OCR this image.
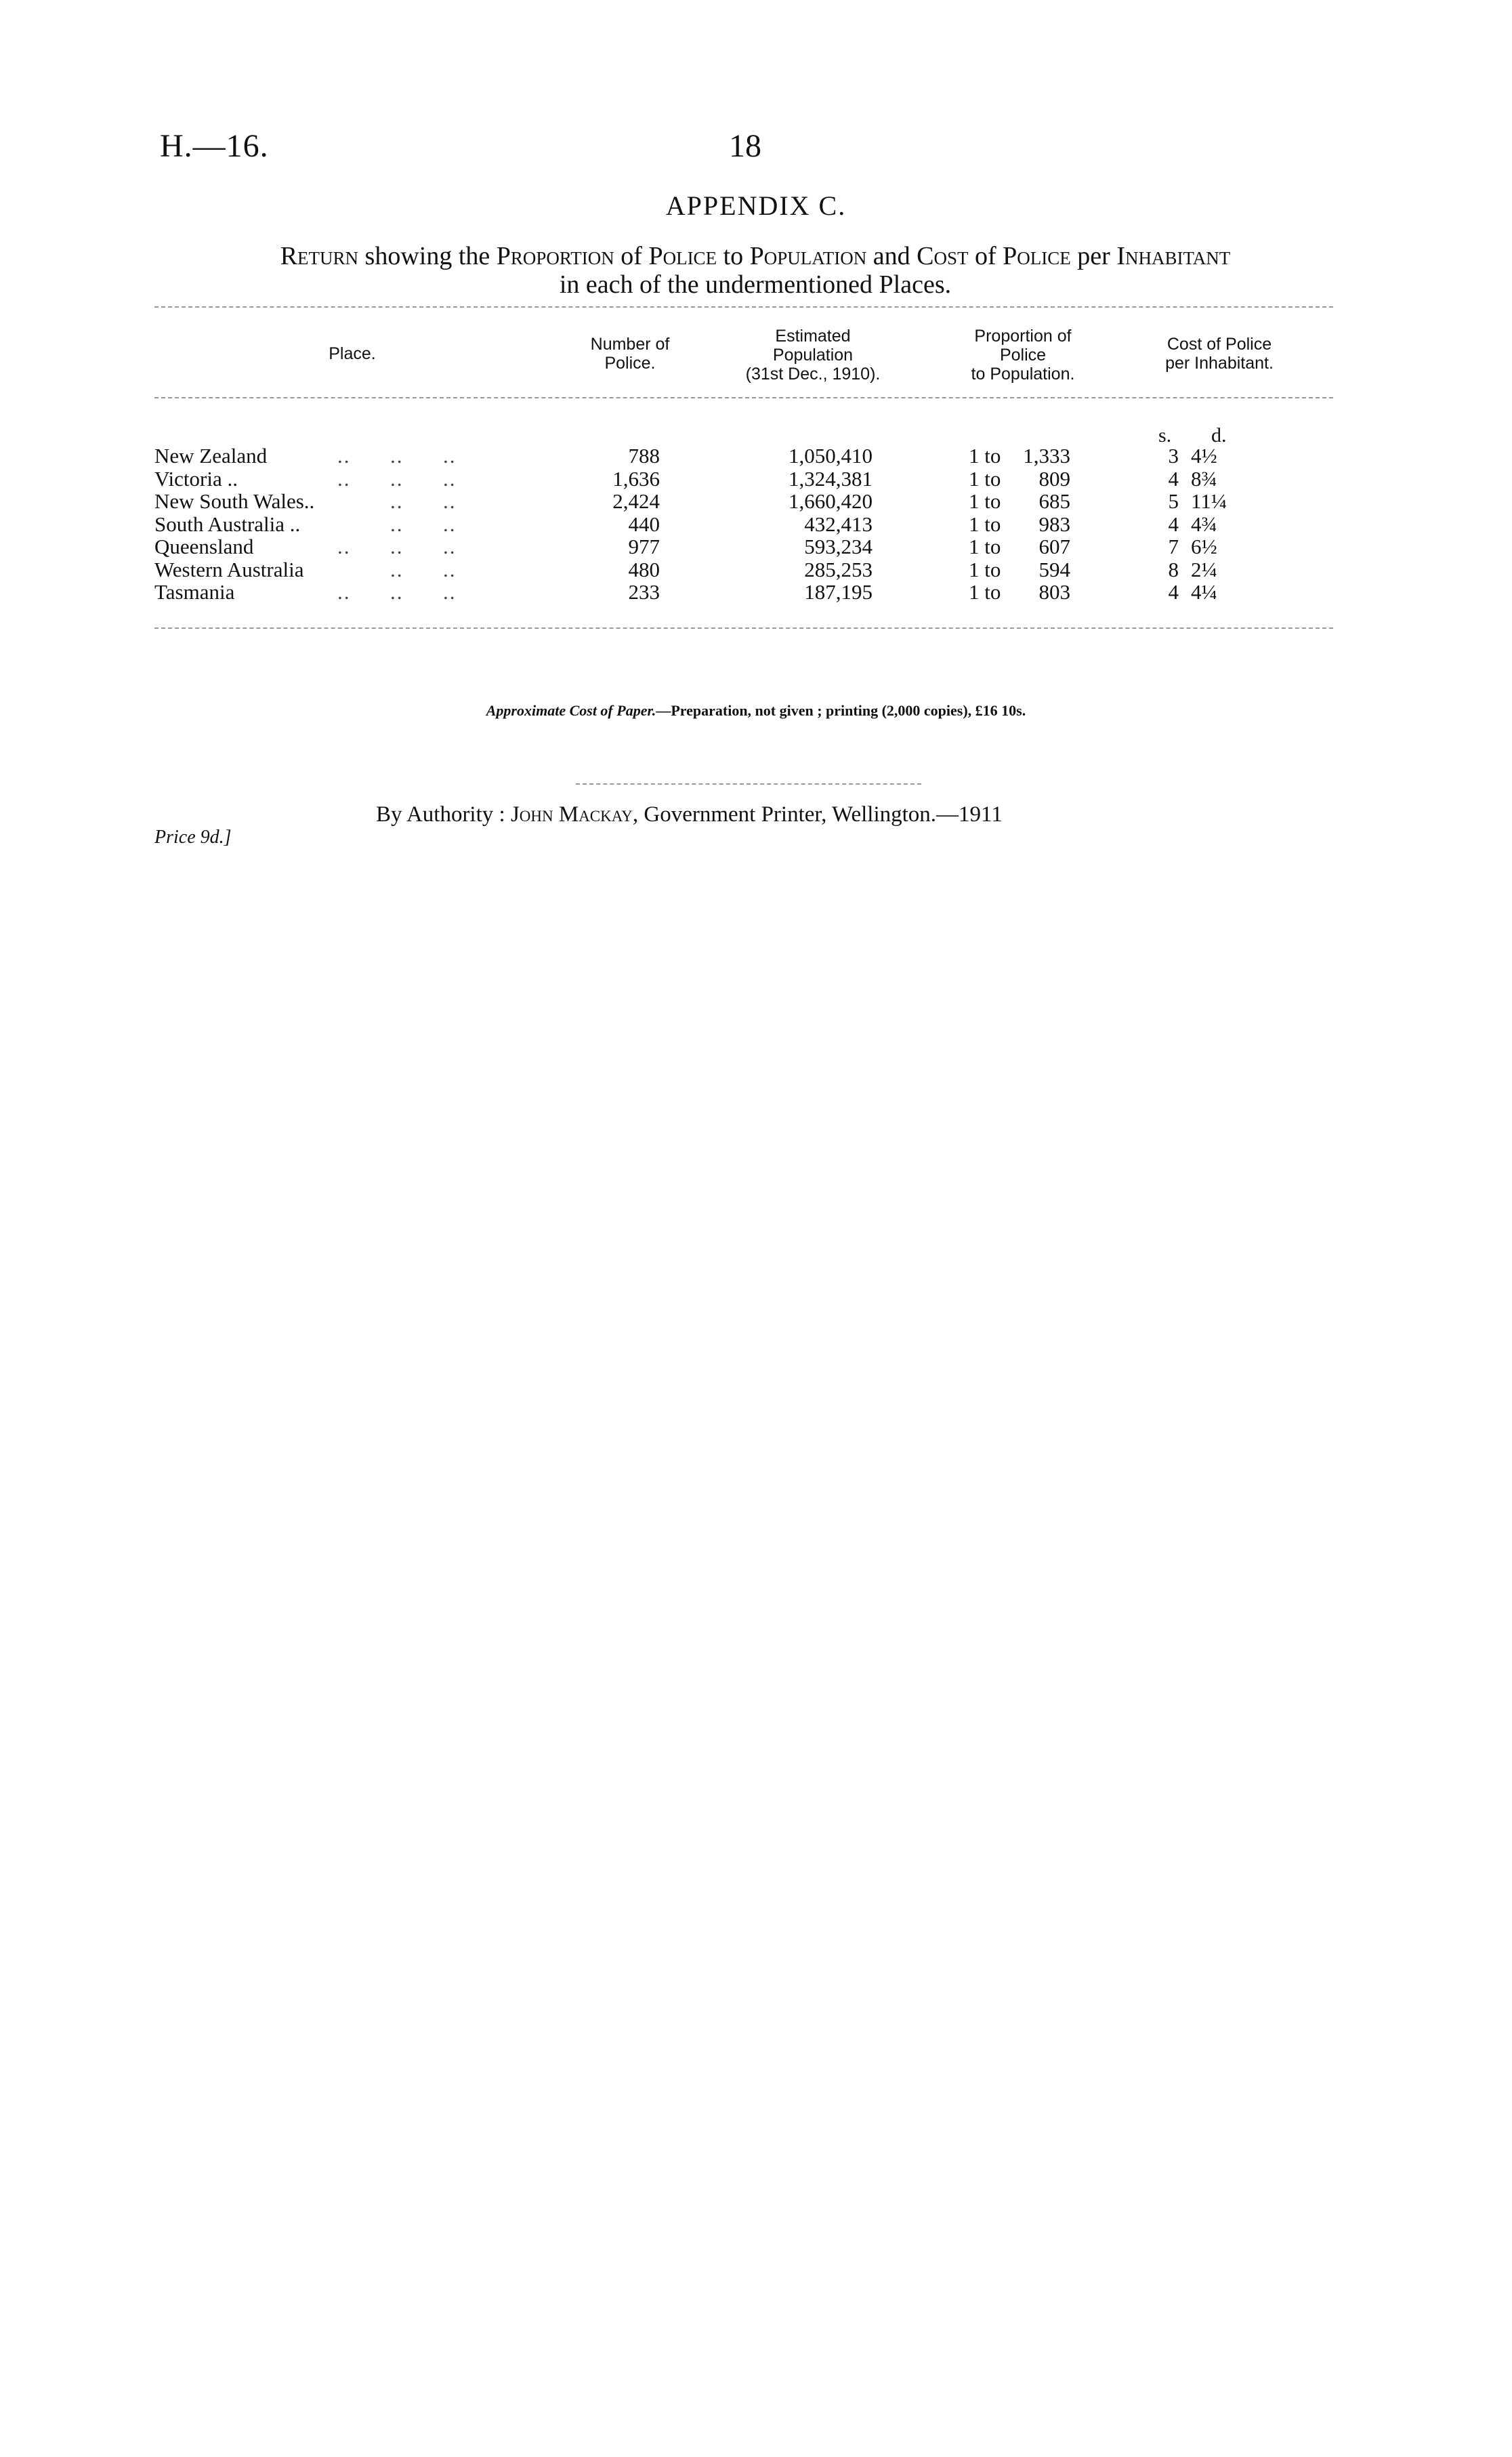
H.—16.	18
APPENDIX C.
Return showing the Proportion of Police to Population and Cost of Police per Inhabitant
in each of the undermentioned Places.
Place.	Number of
Police.
Estimated
Population
(31st Dec., 1910).
Proportion of
Police
to Population.
Cost of Police
per Inhabitant.
s. d.
New Zealand	..      ..      ..	788	1,050,410	1 to	1,333	3 4½
Victoria ..	..      ..      ..	1,636	1,324,381	1 to	809	4 8¾
New South Wales.. ..      ..	2,424	1,660,420	1 to	685	5 11¼
South Australia .. ..      ..	440	432,413	1 to	983	4 4¾
Queensland	..      ..      ..	977	593,234	1 to	607	7 6½
Western Australia ..      ..	480	285,253	1 to	594	8 2¼
Tasmania	..      ..      ..	233	187,195	1 to	803	4 4¼
Approximate Cost of Paper.—Preparation, not given ; printing (2,000 copies), £16 10s.
By Authority : John Mackay, Government Printer, Wellington.—1911
Price 9d.]
